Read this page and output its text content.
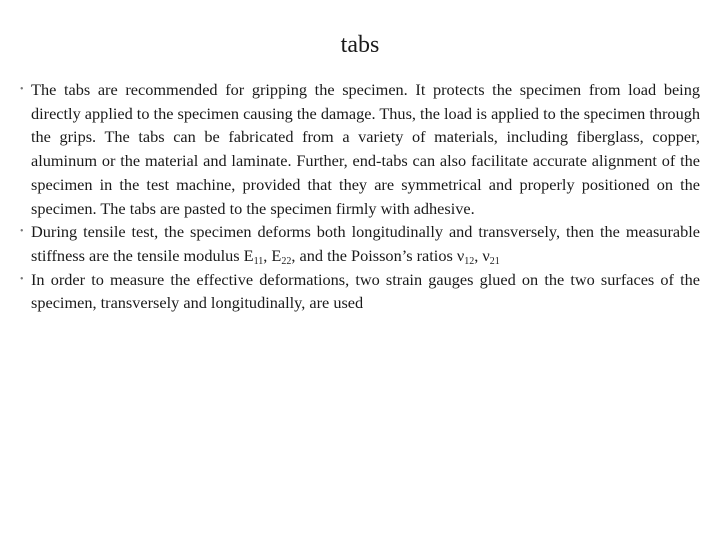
tabs
• The tabs are recommended for gripping the specimen. It protects the specimen from load being directly applied to the specimen causing the damage. Thus, the load is applied to the specimen through the grips. The tabs can be fabricated from a variety of materials, including fiberglass, copper, aluminum or the material and laminate. Further, end-tabs can also facilitate accurate alignment of the specimen in the test machine, provided that they are symmetrical and properly positioned on the specimen. The tabs are pasted to the specimen firmly with adhesive.
• During tensile test, the specimen deforms both longitudinally and transversely, then the measurable stiffness are the tensile modulus $E_{11}$, $E_{22}$, and the Poisson’s ratios $\nu_{12}$, $\nu_{21}$
• In order to measure the effective deformations, two strain gauges glued on the two surfaces of the specimen, transversely and longitudinally, are used
